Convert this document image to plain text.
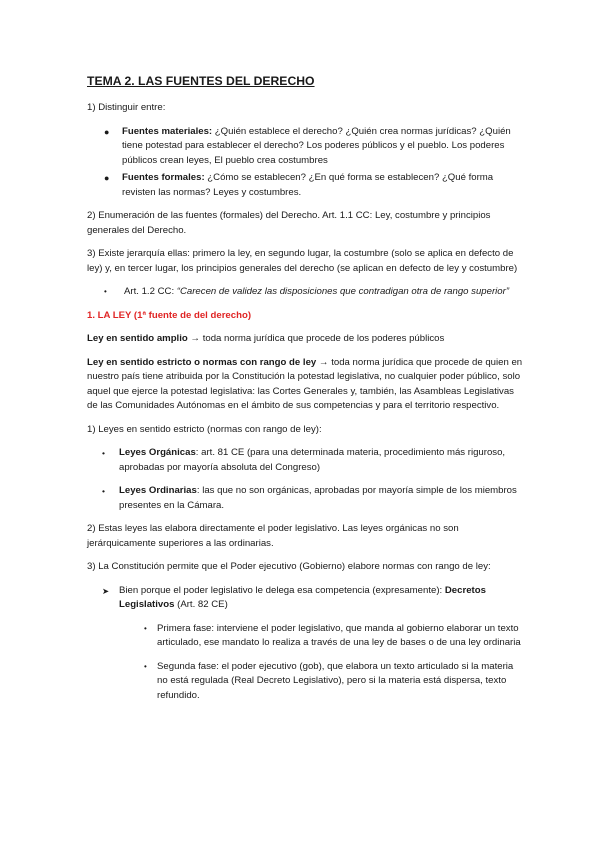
TEMA 2. LAS FUENTES DEL DERECHO

1) Distinguir entre:

● Fuentes materiales: ¿Quién establece el derecho? ¿Quién crea normas jurídicas? ¿Quién tiene potestad para establecer el derecho? Los poderes públicos y el pueblo. Los poderes públicos crean leyes, El pueblo crea costumbres
● Fuentes formales: ¿Cómo se establecen? ¿En qué forma se establecen? ¿Qué forma revisten las normas? Leyes y costumbres.

2) Enumeración de las fuentes (formales) del Derecho. Art. 1.1 CC: Ley, costumbre y principios generales del Derecho.

3) Existe jerarquía ellas: primero la ley, en segundo lugar, la costumbre (solo se aplica en defecto de ley) y, en tercer lugar, los principios generales del derecho (se aplican en defecto de ley y costumbre)

• Art. 1.2 CC: “Carecen de validez las disposiciones que contradigan otra de rango superior”

1. LA LEY (1ª fuente de del derecho)

Ley en sentido amplio → toda norma jurídica que procede de los poderes públicos

Ley en sentido estricto o normas con rango de ley → toda norma jurídica que procede de quien en nuestro país tiene atribuida por la Constitución la potestad legislativa, no cualquier poder público, solo aquel que ejerce la potestad legislativa: las Cortes Generales y, también, las Asambleas Legislativas de las Comunidades Autónomas en el ámbito de sus competencias y para el territorio respectivo.

1) Leyes en sentido estricto (normas con rango de ley):

• Leyes Orgánicas: art. 81 CE (para una determinada materia, procedimiento más riguroso, aprobadas por mayoría absoluta del Congreso)
• Leyes Ordinarias: las que no son orgánicas, aprobadas por mayoría simple de los miembros presentes en la Cámara.

2) Estas leyes las elabora directamente el poder legislativo. Las leyes orgánicas no son jerárquicamente superiores a las ordinarias.

3) La Constitución permite que el Poder ejecutivo (Gobierno) elabore normas con rango de ley:

➤ Bien porque el poder legislativo le delega esa competencia (expresamente): Decretos Legislativos (Art. 82 CE)
• Primera fase: interviene el poder legislativo, que manda al gobierno elaborar un texto articulado, ese mandato lo realiza a través de una ley de bases o de una ley ordinaria
• Segunda fase: el poder ejecutivo (gob), que elabora un texto articulado si la materia no está regulada (Real Decreto Legislativo), pero si la materia está dispersa, texto refundido.
